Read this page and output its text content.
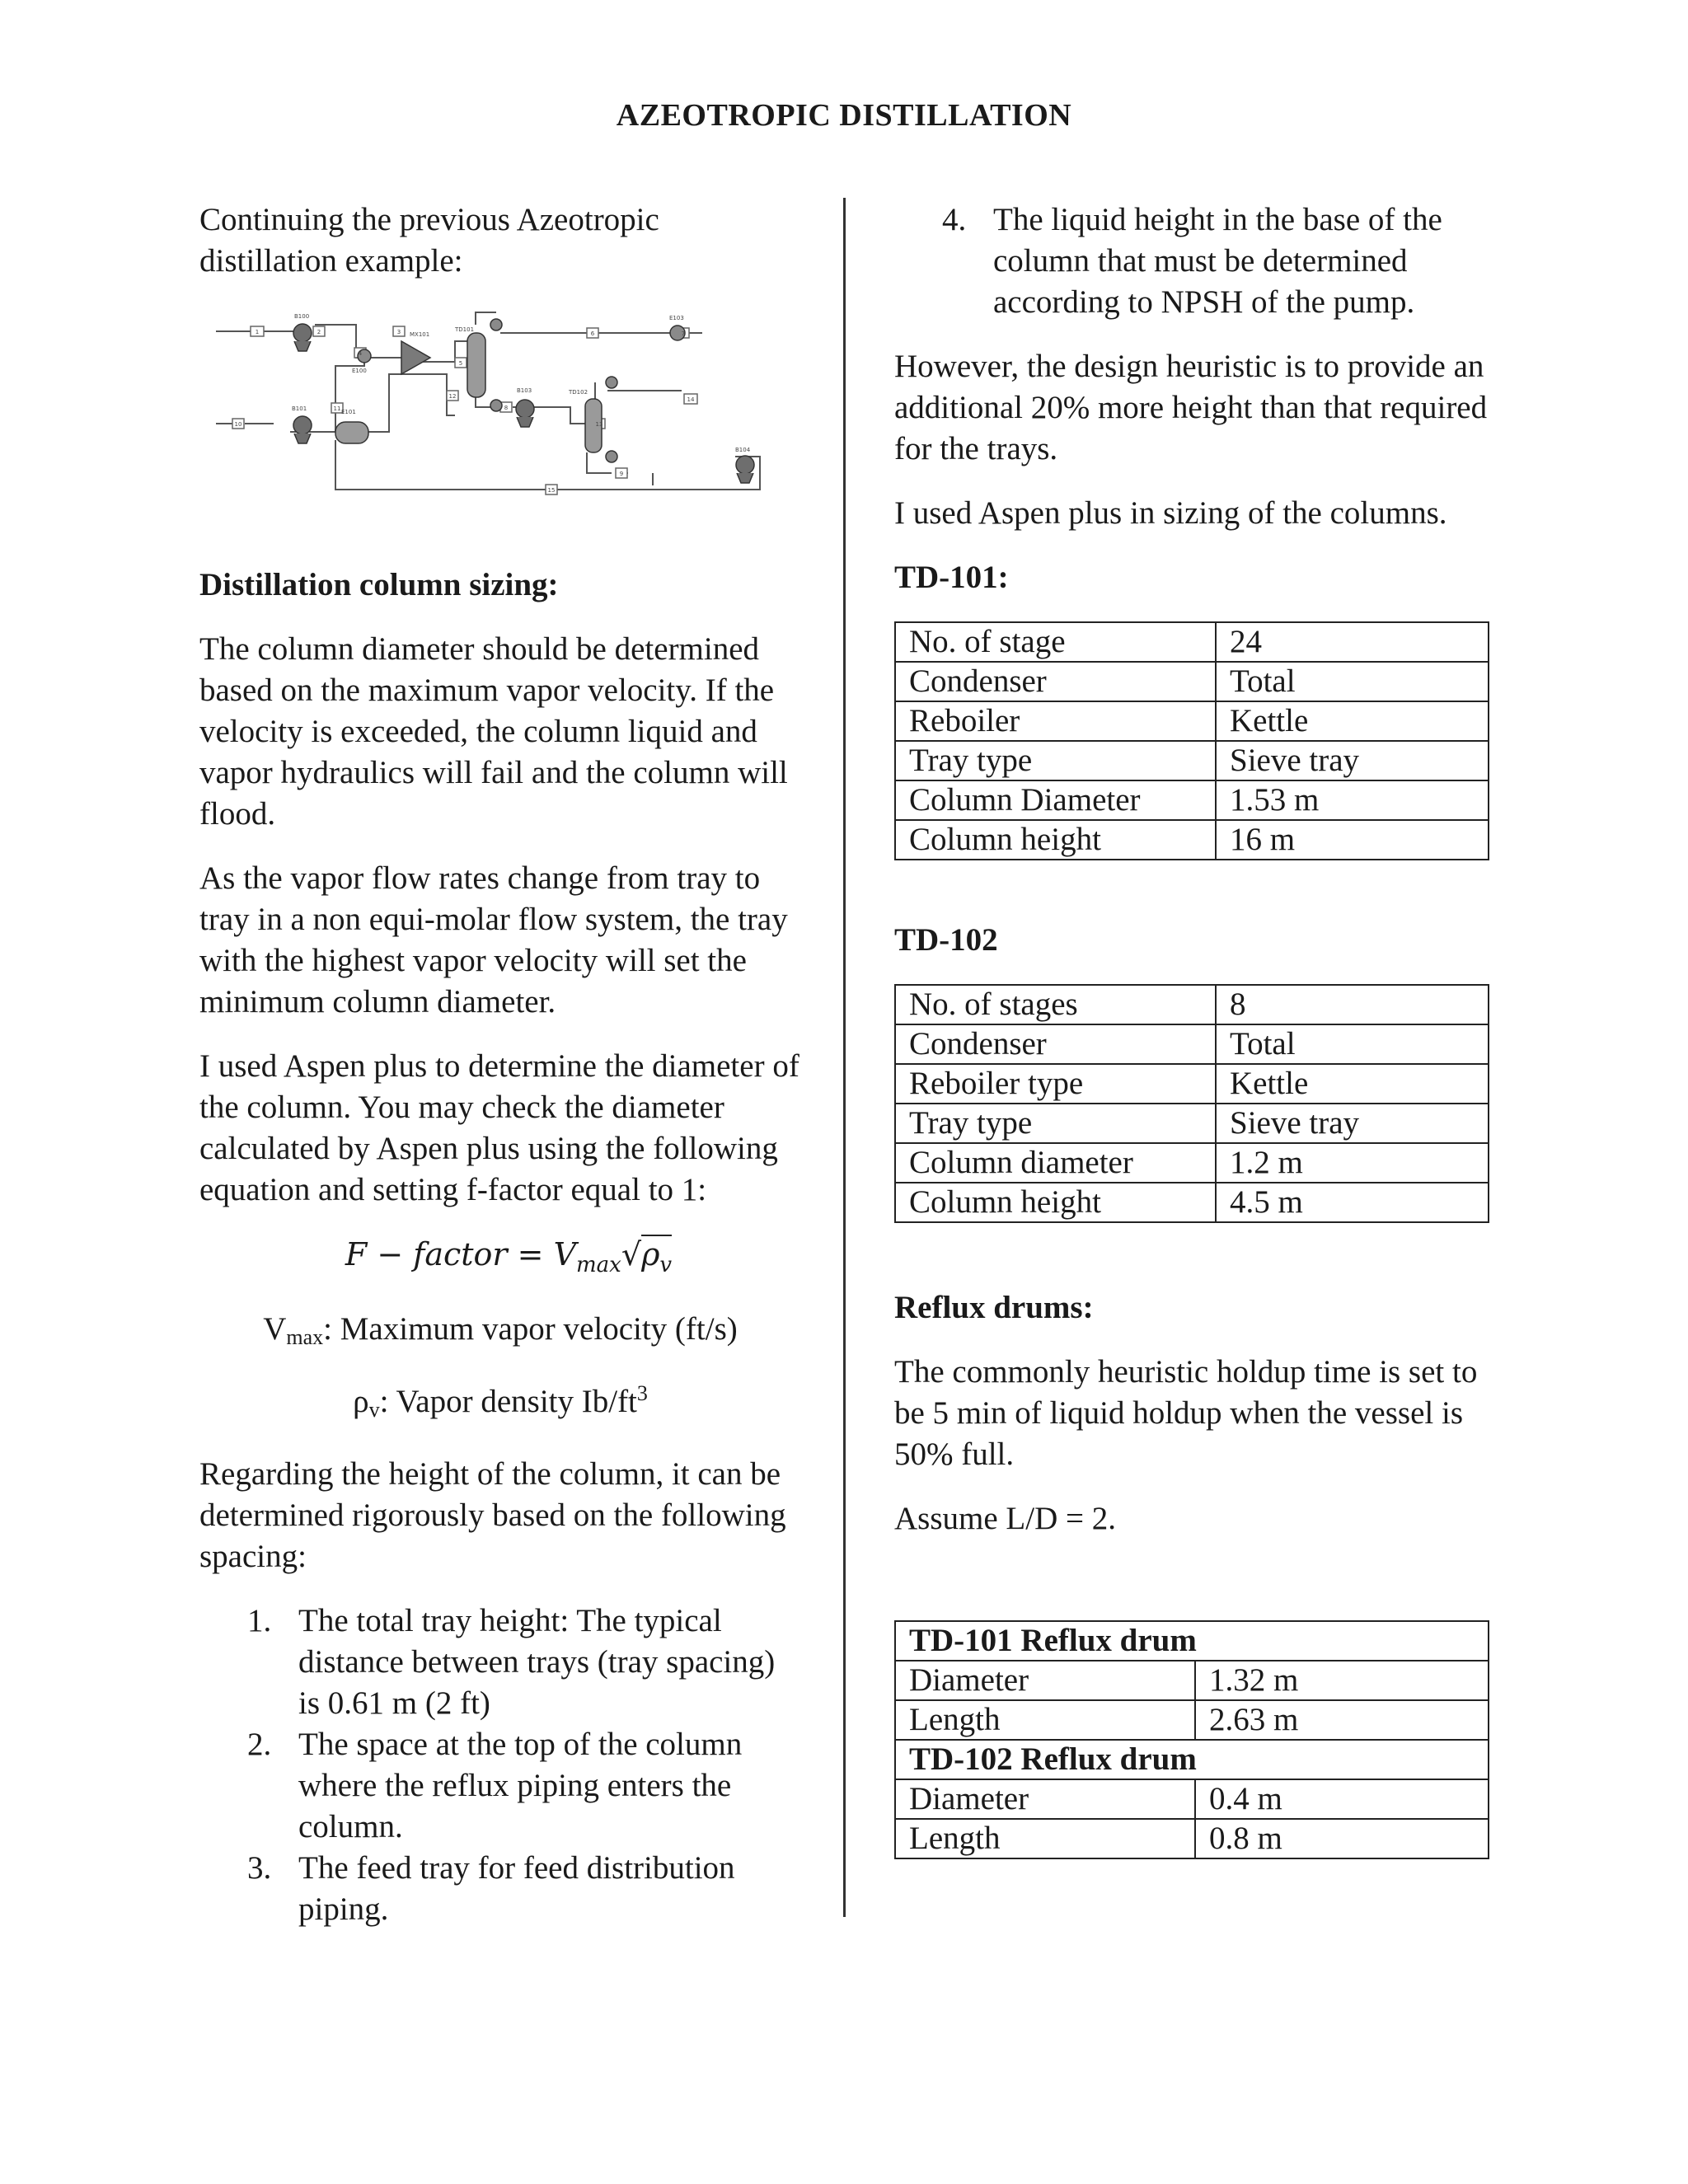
AZEOTROPIC DISTILLATION

Continuing the previous Azeotropic distillation example:

B100
B101
E100
E101
MX101
TD101
B103
E103
TD102
B104
1	2	3
4
5
6	7
8
9
10
11
12
13
14
15
Distillation column sizing:

The column diameter should be determined based on the maximum vapor velocity. If the velocity is exceeded, the column liquid and vapor hydraulics will fail and the column will flood.

As the vapor flow rates change from tray to tray in a non equi-molar flow system, the tray with the highest vapor velocity will set the minimum column diameter.

I used Aspen plus to determine the diameter of the column. You may check the diameter calculated by Aspen plus using the following equation and setting f-factor equal to 1:

F − factor = $V_{max}√\rho_v$

Vmax: Maximum vapor velocity (ft/s)

ρv: Vapor density $Ib/ft^3$

Regarding the height of the column, it can be determined rigorously based on the following spacing:

1. The total tray height: The typical distance between trays (tray spacing) is 0.61 m (2 ft)
2. The space at the top of the column where the reflux piping enters the column.
3. The feed tray for feed distribution piping.
4. The liquid height in the base of the column that must be determined according to NPSH of the pump.

However, the design heuristic is to provide an additional 20% more height than that required for the trays.

I used Aspen plus in sizing of the columns.

TD-101:
No. of stage	24
Condenser	Total
Reboiler	Kettle
Tray type	Sieve tray
Column Diameter	1.53 m
Column height	16 m
TD-102
No. of stages	8
Condenser	Total
Reboiler type	Kettle
Tray type	Sieve tray
Column diameter	1.2 m
Column height	4.5 m
Reflux drums:

The commonly heuristic holdup time is set to be 5 min of liquid holdup when the vessel is 50% full.

Assume L/D = 2.

TD-101 Reflux drum	
Diameter	1.32 m
Length	2.63 m
TD-102 Reflux drum	
Diameter	0.4 m
Length	0.8 m
